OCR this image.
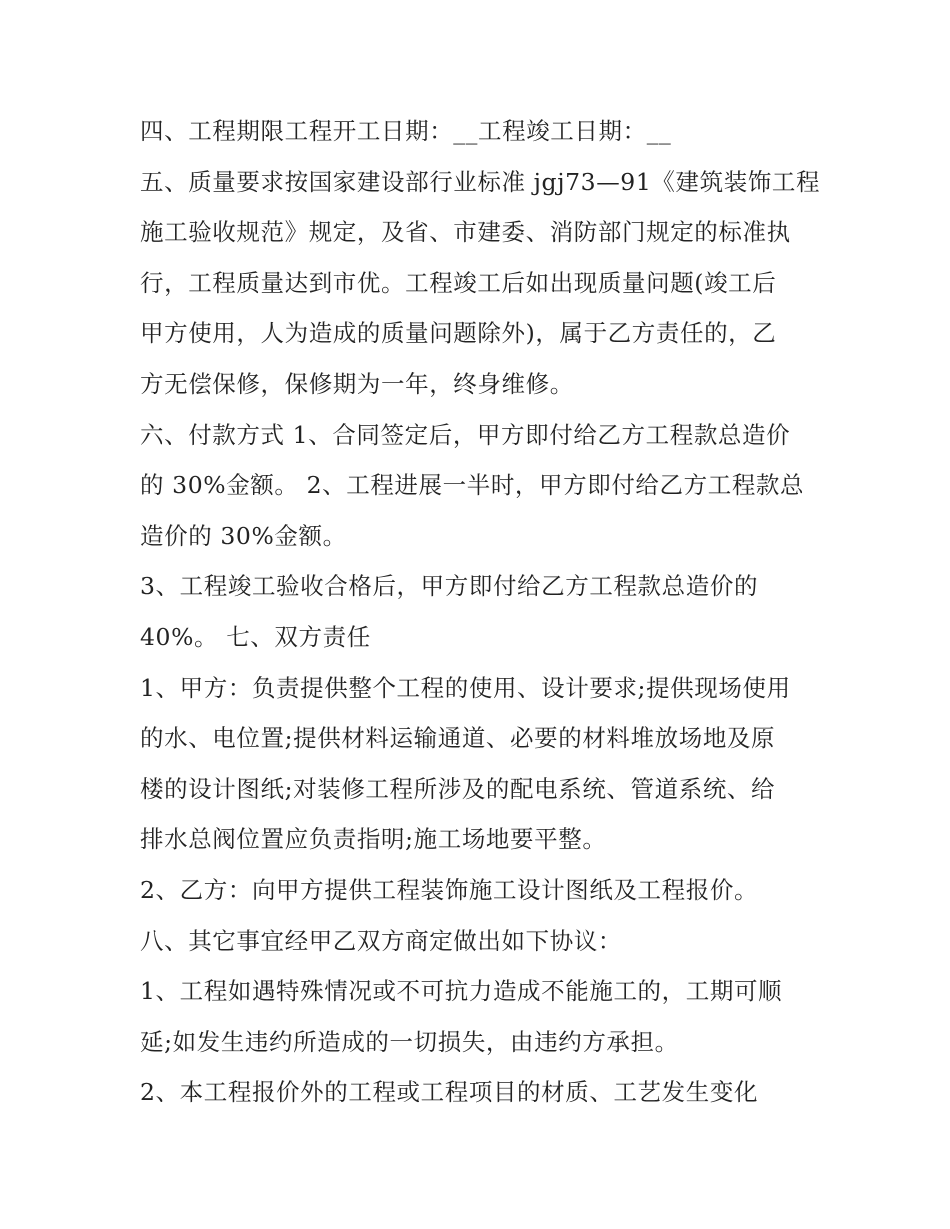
四、工程期限工程开工日期：__工程竣工日期：__
五、质量要求按国家建设部行业标准 jgj73—91《建筑装饰工程
施工验收规范》规定，及省、市建委、消防部门规定的标准执
行，工程质量达到市优。工程竣工后如出现质量问题(竣工后
甲方使用，人为造成的质量问题除外)，属于乙方责任的，乙
方无偿保修，保修期为一年，终身维修。
六、付款方式 1、合同签定后，甲方即付给乙方工程款总造价
的 30%金额。 2、工程进展一半时，甲方即付给乙方工程款总
造价的 30%金额。
3、工程竣工验收合格后，甲方即付给乙方工程款总造价的
40%。 七、双方责任
1、甲方：负责提供整个工程的使用、设计要求;提供现场使用
的水、电位置;提供材料运输通道、必要的材料堆放场地及原
楼的设计图纸;对装修工程所涉及的配电系统、管道系统、给
排水总阀位置应负责指明;施工场地要平整。
2、乙方：向甲方提供工程装饰施工设计图纸及工程报价。
八、其它事宜经甲乙双方商定做出如下协议：
1、工程如遇特殊情况或不可抗力造成不能施工的，工期可顺
延;如发生违约所造成的一切损失，由违约方承担。
2、本工程报价外的工程或工程项目的材质、工艺发生变化
